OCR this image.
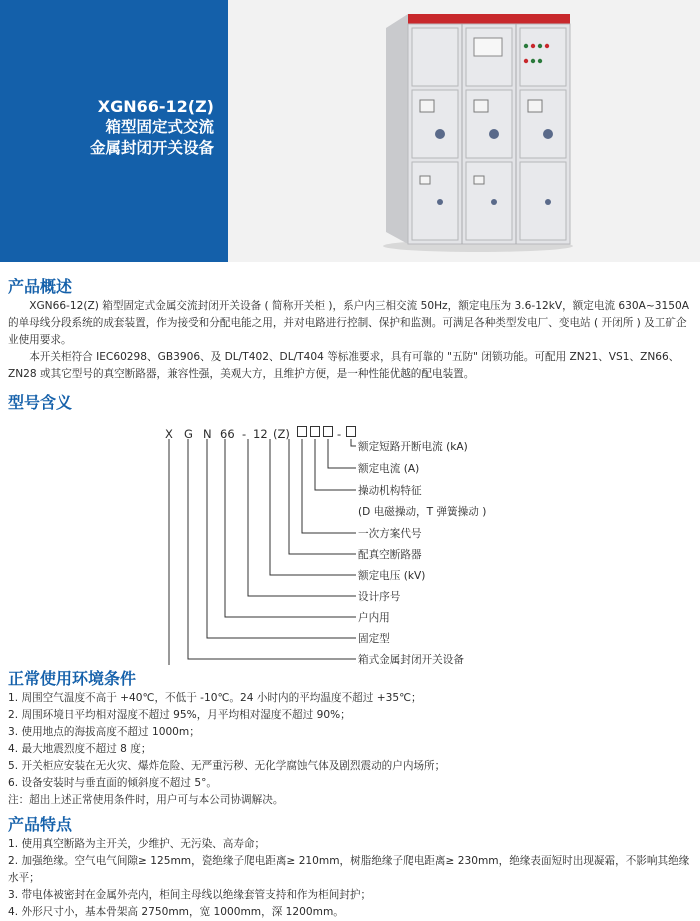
XGN66-12(Z)
箱型固定式交流
金属封闭开关设备
产品概述

XGN66-12(Z) 箱型固定式金属交流封闭开关设备 ( 简称开关柜 )，系户内三相交流 50Hz，额定电压为 3.6-12kV，额定电流 630A~3150A 的单母线分段系统的成套装置，作为接受和分配电能之用，并对电路进行控制、保护和监测。可满足各种类型发电厂、变电站 ( 开闭所 ) 及工矿企业使用要求。

本开关柜符合 IEC60298、GB3906、及 DL/T402、DL/T404 等标准要求，具有可靠的 "五防" 闭锁功能。可配用 ZN21、VS1、ZN66、ZN28 或其它型号的真空断路器，兼容性强，美观大方，且维护方便，是一种性能优越的配电装置。

型号含义
X G N 66 - 12 (Z)	-
额定短路开断电流 (kA)
额定电流 (A)
操动机构特征
(D 电磁操动，T 弹簧操动 )
一次方案代号
配真空断路器
额定电压 (kV)
设计序号
户内用
固定型
箱式金属封闭开关设备
正常使用环境条件
1. 周围空气温度不高于 +40℃，不低于 -10℃。24 小时内的平均温度不超过 +35℃；
2. 周围环境日平均相对湿度不超过 95%，月平均相对湿度不超过 90%；
3. 使用地点的海拔高度不超过 1000m；
4. 最大地震烈度不超过 8 度；
5. 开关柜应安装在无火灾、爆炸危险、无严重污秽、无化学腐蚀气体及剧烈震动的户内场所；
6. 设备安装时与垂直面的倾斜度不超过 5°。
注：超出上述正常使用条件时，用户可与本公司协调解决。
产品特点
1. 使用真空断路为主开关，少维护、无污染、高寿命；
2. 加强绝缘。空气电气间隙≥ 125mm，瓷绝缘子爬电距离≥ 210mm，树脂绝缘子爬电距离≥ 230mm，绝缘表面短时出现凝霜，不影响其绝缘水平；
3. 带电体被密封在金属外壳内，柜间主母线以绝缘套管支持和作为柜间封护；
4. 外形尺寸小，基本骨架高 2750mm，宽 1000mm，深 1200mm。
